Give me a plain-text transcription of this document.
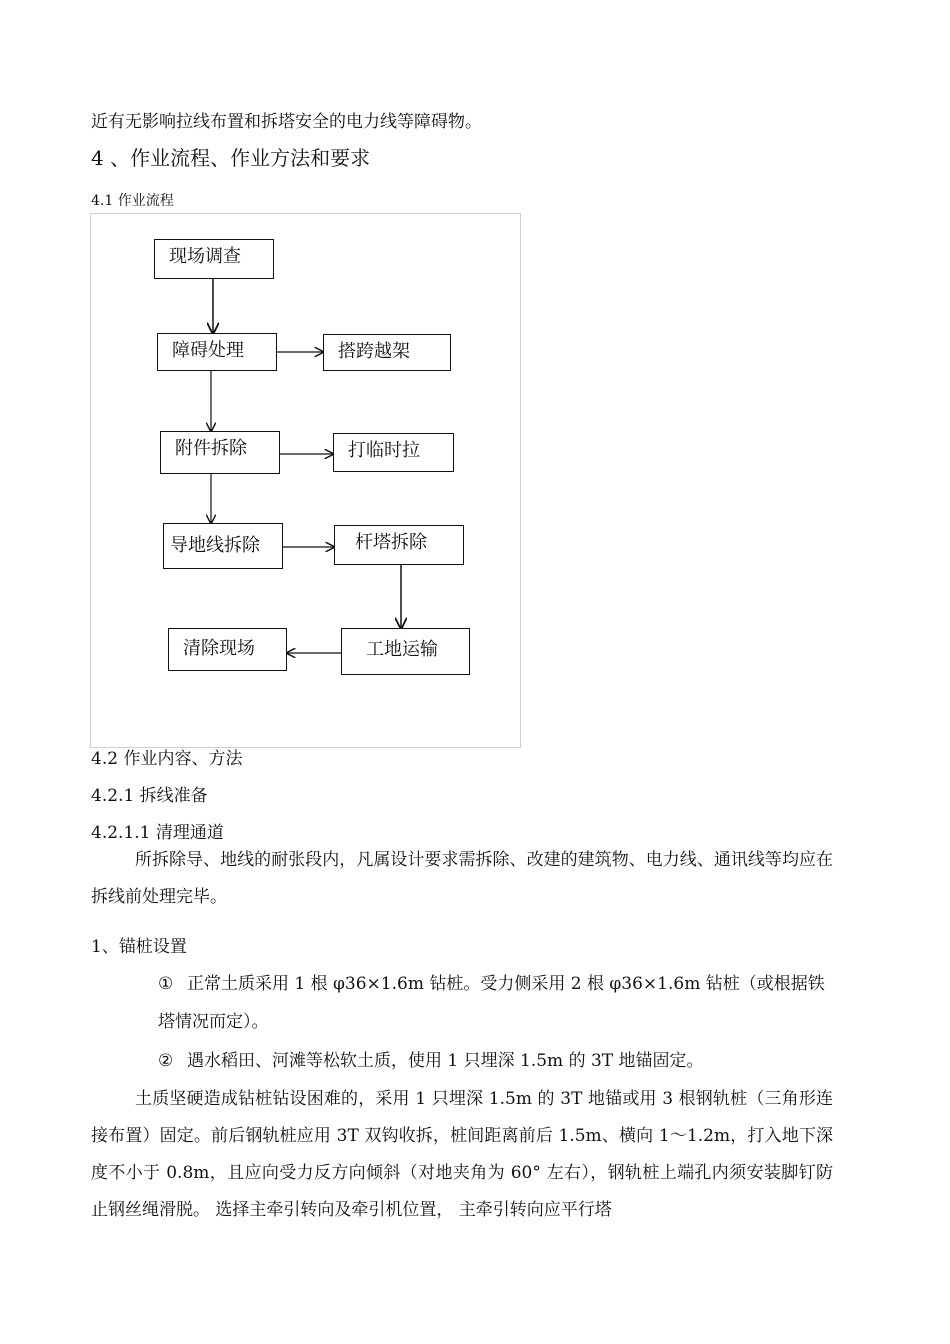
近有无影响拉线布置和拆塔安全的电力线等障碍物。
4 、作业流程、作业方法和要求
4.1 作业流程
现场调查
障碍处理	搭跨越架
附件拆除	打临时拉
导地线拆除	杆塔拆除
工地运输
清除现场
4.2 作业内容、方法
4.2.1 拆线准备
4.2.1.1 清理通道
所拆除导、地线的耐张段内，凡属设计要求需拆除、改建的建筑物、电力线、通讯线等均应在拆线前处理完毕。
1、锚桩设置
① 正常土质采用 1 根 φ36×1.6m 钻桩。受力侧采用 2 根 φ36×1.6m 钻桩（或根据铁塔情况而定）。
② 遇水稻田、河滩等松软土质，使用 1 只埋深 1.5m 的 3T 地锚固定。
土质坚硬造成钻桩钻设困难的，采用 1 只埋深 1.5m 的 3T 地锚或用 3 根钢轨桩（三角形连接布置）固定。前后钢轨桩应用 3T 双钩收拆，桩间距离前后 1.5m、横向 1～1.2m，打入地下深度不小于 0.8m，且应向受力反方向倾斜（对地夹角为 60° 左右），钢轨桩上端孔内须安装脚钉防止钢丝绳滑脱。 选择主牵引转向及牵引机位置， 主牵引转向应平行塔
